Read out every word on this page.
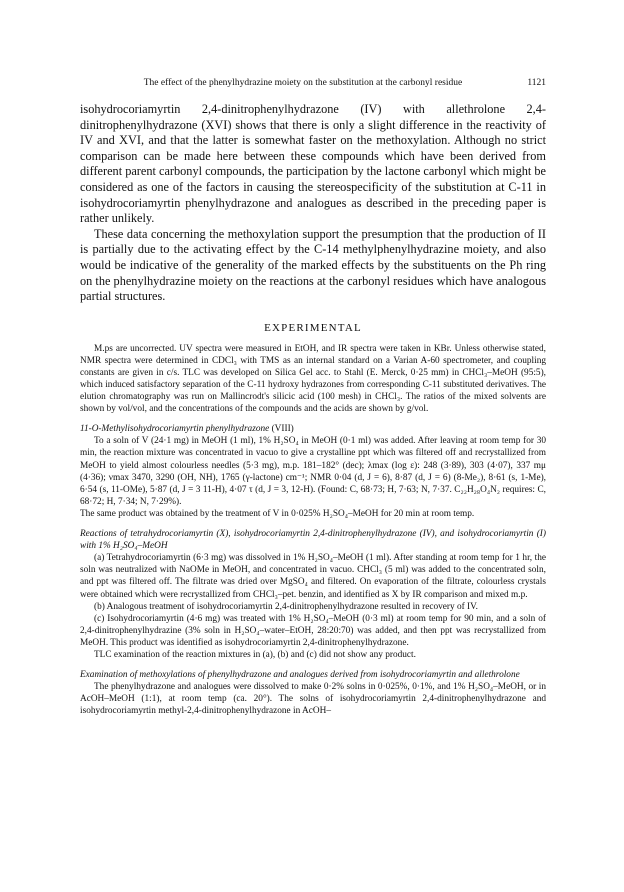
The effect of the phenylhydrazine moiety on the substitution at the carbonyl residue	1121

isohydrocoriamyrtin 2,4-dinitrophenylhydrazone (IV) with allethrolone 2,4-dinitrophenylhydrazone (XVI) shows that there is only a slight difference in the reactivity of IV and XVI, and that the latter is somewhat faster on the methoxylation. Although no strict comparison can be made here between these compounds which have been derived from different parent carbonyl compounds, the participation by the lactone carbonyl which might be considered as one of the factors in causing the stereospecificity of the substitution at C-11 in isohydrocoriamyrtin phenylhydrazone and analogues as described in the preceding paper is rather unlikely.

These data concerning the methoxylation support the presumption that the production of II is partially due to the activating effect by the C-14 methylphenylhydrazine moiety, and also would be indicative of the generality of the marked effects by the substituents on the Ph ring on the phenylhydrazine moiety on the reactions at the carbonyl residues which have analogous partial structures.

EXPERIMENTAL

M.ps are uncorrected. UV spectra were measured in EtOH, and IR spectra were taken in KBr. Unless otherwise stated, NMR spectra were determined in CDCl₃ with TMS as an internal standard on a Varian A-60 spectrometer, and coupling constants are given in c/s. TLC was developed on Silica Gel acc. to Stahl (E. Merck, 0·25 mm) in CHCl₃–MeOH (95:5), which induced satisfactory separation of the C-11 hydroxy hydrazones from corresponding C-11 substituted derivatives. The elution chromatography was run on Mallincrodt's silicic acid (100 mesh) in CHCl₃. The ratios of the mixed solvents are shown by vol/vol, and the concentrations of the compounds and the acids are shown by g/vol.

11-O-Methylisohydrocoriamyrtin phenylhydrazone (VIII)

To a soln of V (24·1 mg) in MeOH (1 ml), 1% H₂SO₄ in MeOH (0·1 ml) was added. After leaving at room temp for 30 min, the reaction mixture was concentrated in vacuo to give a crystalline ppt which was filtered off and recrystallized from MeOH to yield almost colourless needles (5·3 mg), m.p. 181–182° (dec); λmax (log ε): 248 (3·89), 303 (4·07), 337 mμ (4·36); νmax 3470, 3290 (OH, NH), 1765 (γ-lactone) cm⁻¹; NMR 0·04 (d, J = 6), 8·87 (d, J = 6) (8-Me₂), 8·61 (s, 1-Me), 6·54 (s, 11-OMe), 5·87 (d, J = 3 11-H), 4·07 τ (d, J = 3, 12-H). (Found: C, 68·73; H, 7·63; N, 7·37. C₂₂H₂₈O₄N₂ requires: C, 68·72; H, 7·34; N, 7·29%).

The same product was obtained by the treatment of V in 0·025% H₂SO₄–MeOH for 20 min at room temp.

Reactions of tetrahydrocoriamyrtin (X), isohydrocoriamyrtin 2,4-dinitrophenylhydrazone (IV), and isohydrocoriamyrtin (I) with 1% H₂SO₄–MeOH

(a) Tetrahydrocoriamyrtin (6·3 mg) was dissolved in 1% H₂SO₄–MeOH (1 ml). After standing at room temp for 1 hr, the soln was neutralized with NaOMe in MeOH, and concentrated in vacuo. CHCl₃ (5 ml) was added to the concentrated soln, and ppt was filtered off. The filtrate was dried over MgSO₄ and filtered. On evaporation of the filtrate, colourless crystals were obtained which were recrystallized from CHCl₃–pet. benzin, and identified as X by IR comparison and mixed m.p.

(b) Analogous treatment of isohydrocoriamyrtin 2,4-dinitrophenylhydrazone resulted in recovery of IV.

(c) Isohydrocoriamyrtin (4·6 mg) was treated with 1% H₂SO₄–MeOH (0·3 ml) at room temp for 90 min, and a soln of 2,4-dinitrophenylhydrazine (3% soln in H₂SO₄–water–EtOH, 28:20:70) was added, and then ppt was recrystallized from MeOH. This product was identified as isohydrocoriamyrtin 2,4-dinitrophenylhydrazone.

TLC examination of the reaction mixtures in (a), (b) and (c) did not show any product.

Examination of methoxylations of phenylhydrazone and analogues derived from isohydrocoriamyrtin and allethrolone

The phenylhydrazone and analogues were dissolved to make 0·2% solns in 0·025%, 0·1%, and 1% H₂SO₄–MeOH, or in AcOH–MeOH (1:1), at room temp (ca. 20°). The solns of isohydrocoriamyrtin 2,4-dinitrophenylhydrazone and isohydrocoriamyrtin methyl-2,4-dinitrophenylhydrazone in AcOH–
